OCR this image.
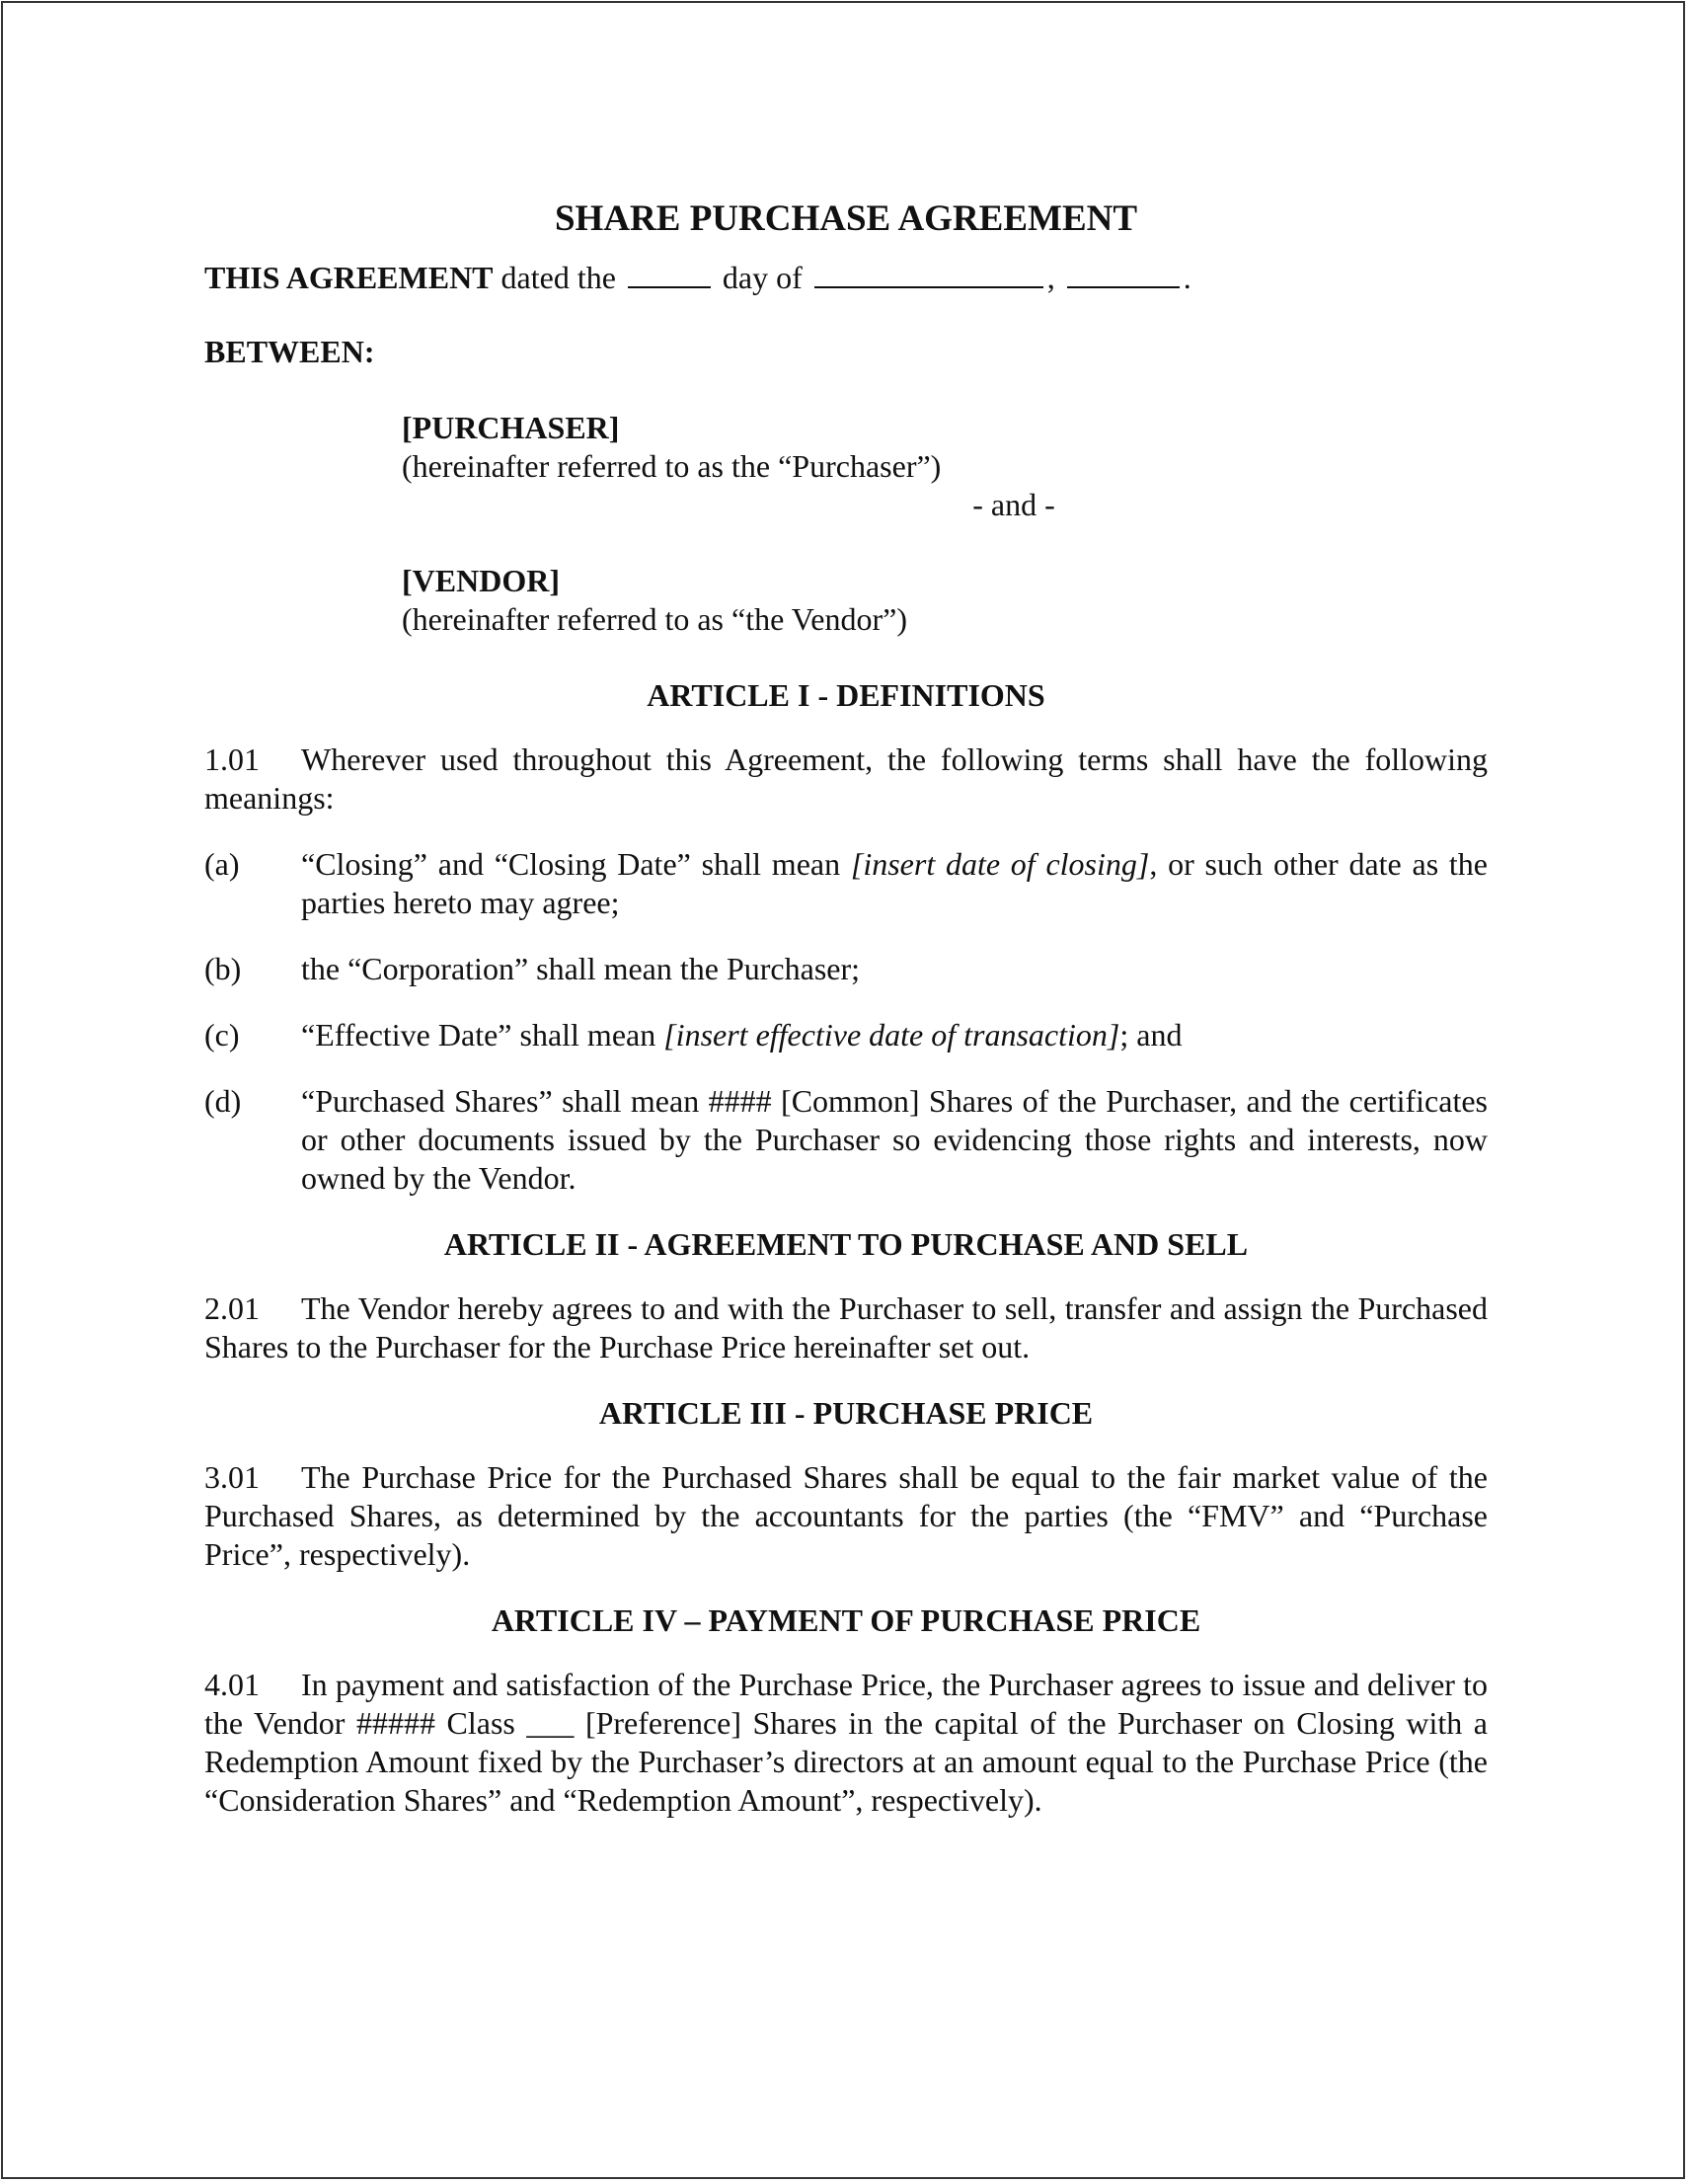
SHARE PURCHASE AGREEMENT

THIS AGREEMENT dated the	day of	,	.

BETWEEN:

[PURCHASER]

(hereinafter referred to as the “Purchaser”)

- and -

[VENDOR]

(hereinafter referred to as “the Vendor”)

ARTICLE I - DEFINITIONS

1.01 Wherever used throughout this Agreement, the following terms shall have the following meanings:

(a)	“Closing” and “Closing Date” shall mean [insert date of closing], or such other date as the parties hereto may agree;
(b)	the “Corporation” shall mean the Purchaser;
(c)	“Effective Date” shall mean [insert effective date of transaction]; and
(d)	“Purchased Shares” shall mean #### [Common] Shares of the Purchaser, and the certificates or other documents issued by the Purchaser so evidencing those rights and interests, now owned by the Vendor.
ARTICLE II - AGREEMENT TO PURCHASE AND SELL

2.01 The Vendor hereby agrees to and with the Purchaser to sell, transfer and assign the Purchased Shares to the Purchaser for the Purchase Price hereinafter set out.

ARTICLE III - PURCHASE PRICE

3.01 The Purchase Price for the Purchased Shares shall be equal to the fair market value of the Purchased Shares, as determined by the accountants for the parties (the “FMV” and “Purchase Price”, respectively).

ARTICLE IV – PAYMENT OF PURCHASE PRICE

4.01 In payment and satisfaction of the Purchase Price, the Purchaser agrees to issue and deliver to the Vendor ##### Class ___ [Preference] Shares in the capital of the Purchaser on Closing with a Redemption Amount fixed by the Purchaser’s directors at an amount equal to the Purchase Price (the “Consideration Shares” and “Redemption Amount”, respectively).
